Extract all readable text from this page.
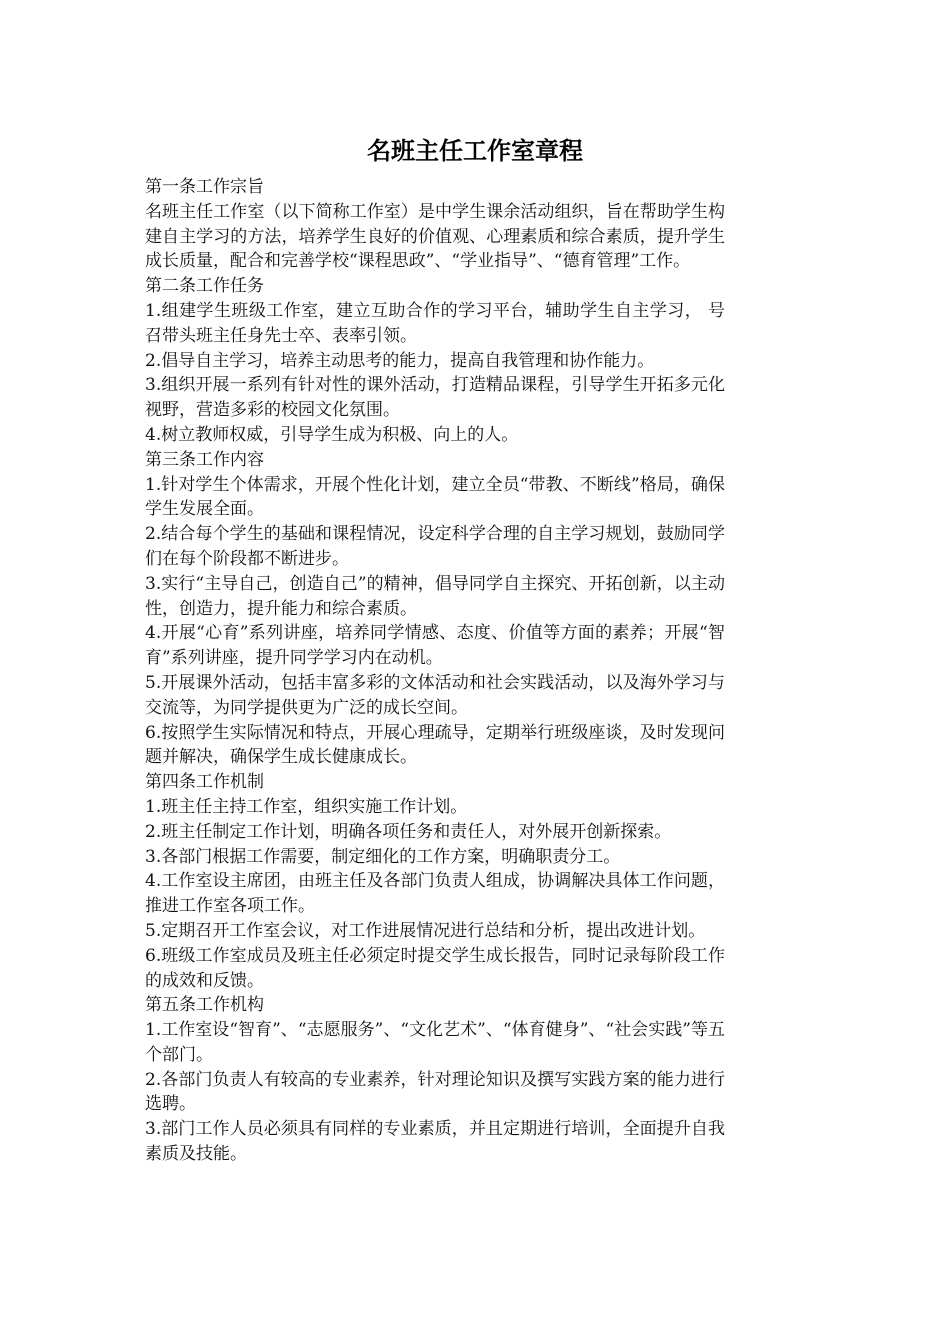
名班主任工作室章程

第一条工作宗旨

名班主任工作室（以下简称工作室）是中学生课余活动组织，旨在帮助学生构建自主学习的方法，培养学生良好的价值观、心理素质和综合素质，提升学生成长质量，配合和完善学校“课程思政”、“学业指导”、“德育管理”工作。

第二条工作任务

1.组建学生班级工作室，建立互助合作的学习平台，辅助学生自主学习， 号召带头班主任身先士卒、表率引领。

2.倡导自主学习，培养主动思考的能力，提高自我管理和协作能力。

3.组织开展一系列有针对性的课外活动，打造精品课程，引导学生开拓多元化视野，营造多彩的校园文化氛围。

4.树立教师权威，引导学生成为积极、向上的人。

第三条工作内容

1.针对学生个体需求，开展个性化计划，建立全员“带教、不断线”格局，确保学生发展全面。

2.结合每个学生的基础和课程情况，设定科学合理的自主学习规划，鼓励同学们在每个阶段都不断进步。

3.实行“主导自己，创造自己”的精神，倡导同学自主探究、开拓创新，以主动性，创造力，提升能力和综合素质。

4.开展“心育”系列讲座，培养同学情感、态度、价值等方面的素养；开展“智育”系列讲座，提升同学学习内在动机。

5.开展课外活动，包括丰富多彩的文体活动和社会实践活动，以及海外学习与交流等，为同学提供更为广泛的成长空间。

6.按照学生实际情况和特点，开展心理疏导，定期举行班级座谈，及时发现问题并解决，确保学生成长健康成长。

第四条工作机制

1.班主任主持工作室，组织实施工作计划。

2.班主任制定工作计划，明确各项任务和责任人，对外展开创新探索。

3.各部门根据工作需要，制定细化的工作方案，明确职责分工。

4.工作室设主席团，由班主任及各部门负责人组成，协调解决具体工作问题，推进工作室各项工作。

5.定期召开工作室会议，对工作进展情况进行总结和分析，提出改进计划。

6.班级工作室成员及班主任必须定时提交学生成长报告，同时记录每阶段工作的成效和反馈。

第五条工作机构

1.工作室设“智育”、“志愿服务”、“文化艺术”、“体育健身”、“社会实践”等五个部门。

2.各部门负责人有较高的专业素养，针对理论知识及撰写实践方案的能力进行选聘。

3.部门工作人员必须具有同样的专业素质，并且定期进行培训，全面提升自我素质及技能。
